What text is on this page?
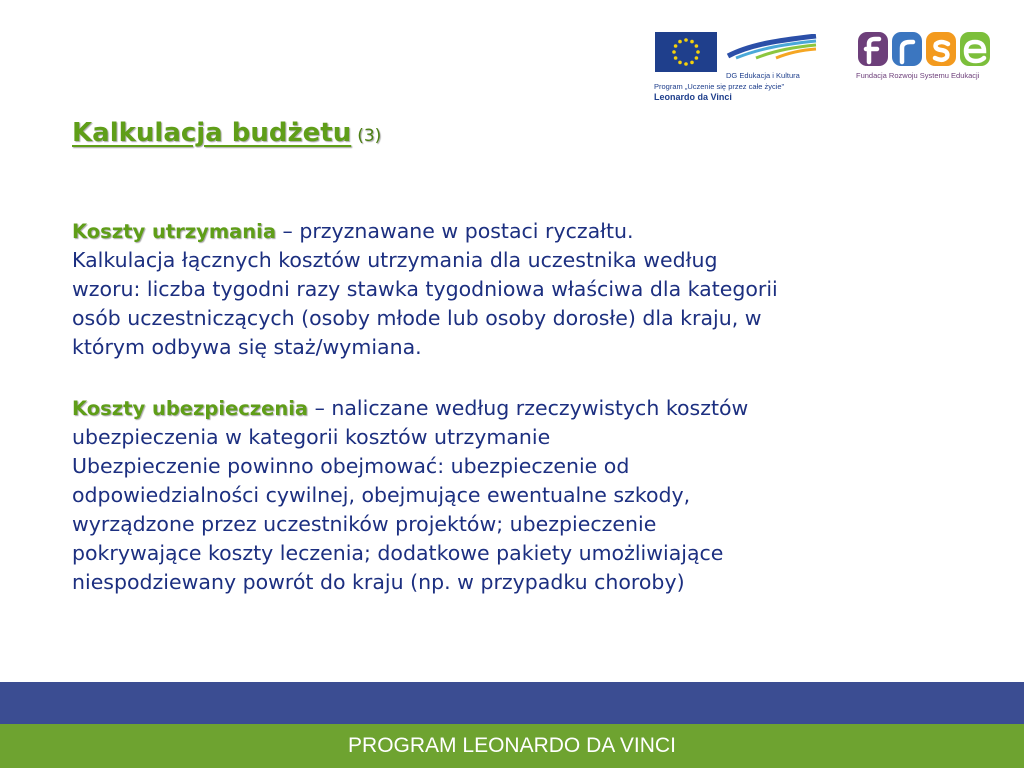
DG Edukacja i Kultura
Program „Uczenie się przez całe życie”
Leonardo da Vinci
Fundacja Rozwoju Systemu Edukacji
Kalkulacja budżetu (3)

Koszty utrzymania – przyznawane w postaci ryczałtu.

Kalkulacja łącznych kosztów utrzymania dla uczestnika według

wzoru: liczba tygodni razy stawka tygodniowa właściwa dla kategorii

osób uczestniczących (osoby młode lub osoby dorosłe) dla kraju, w

którym odbywa się staż/wymiana.

Koszty ubezpieczenia – naliczane według rzeczywistych kosztów

ubezpieczenia w kategorii kosztów utrzymanie

Ubezpieczenie powinno obejmować: ubezpieczenie od

odpowiedzialności cywilnej, obejmujące ewentualne szkody,

wyrządzone przez uczestników projektów; ubezpieczenie

pokrywające koszty leczenia; dodatkowe pakiety umożliwiające

niespodziewany powrót do kraju (np. w przypadku choroby)

PROGRAM LEONARDO DA VINCI
